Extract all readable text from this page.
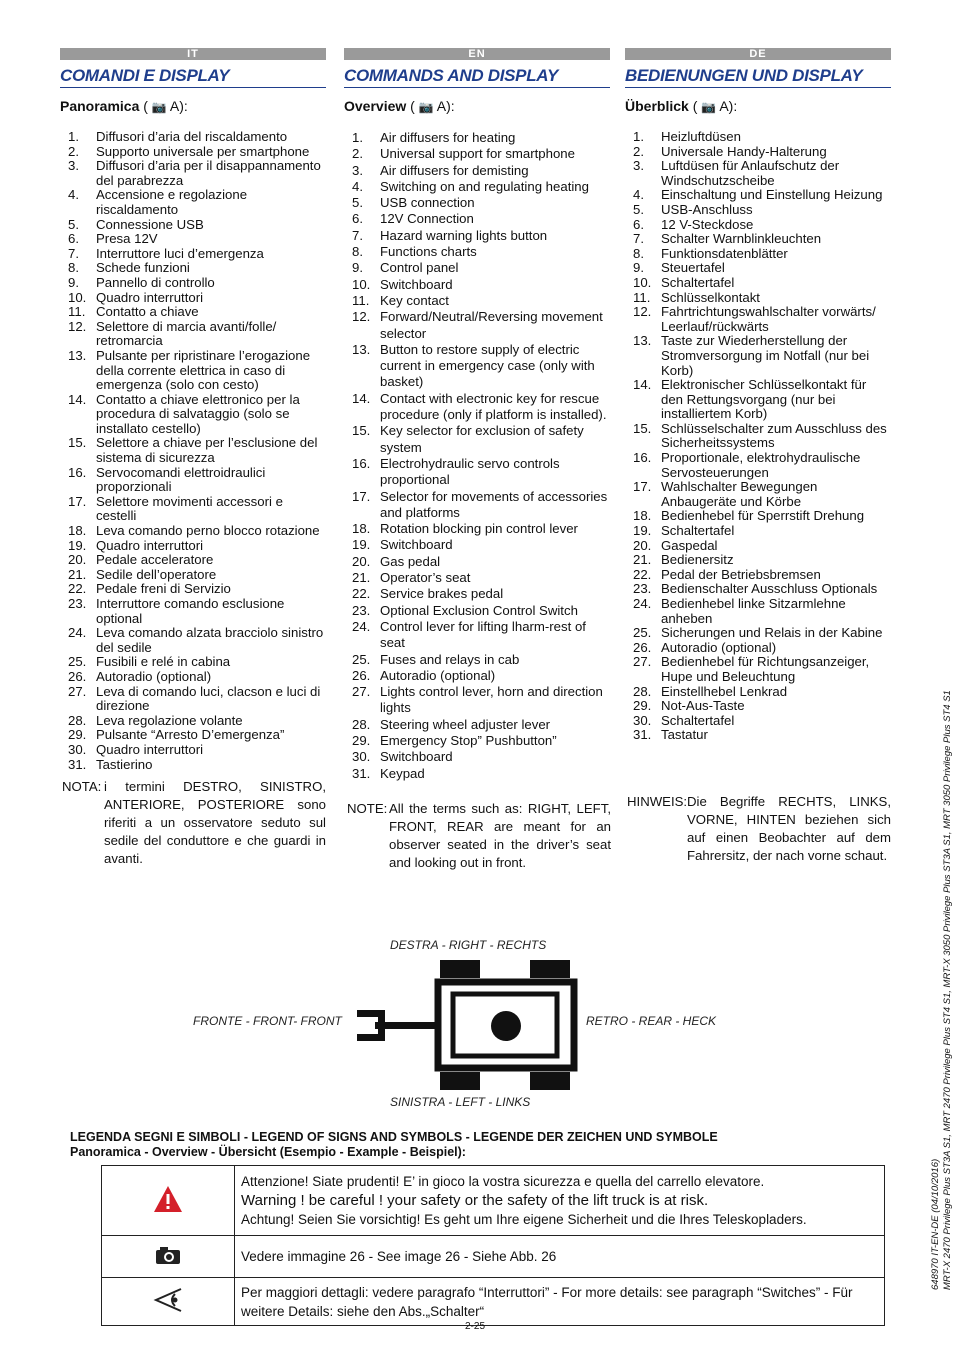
IT
COMANDI E DISPLAY
Panoramica ( 📷 A):
1.	Diffusori d’aria del riscaldamento
2.	Supporto universale per smartphone
3.	Diffusori d’aria per il disappannamento del parabrezza
4.	Accensione e regolazione riscaldamento
5.	Connessione USB
6.	Presa 12V
7.	Interruttore luci d’emergenza
8.	Schede funzioni
9.	Pannello di controllo
10. Quadro interruttori
11. Contatto a chiave
12. Selettore di marcia avanti/folle/ retromarcia
13. Pulsante per ripristinare l’erogazione della corrente elettrica in caso di emergenza (solo con cesto)
14. Contatto a chiave elettronico per la procedura di salvataggio (solo se installato cestello)
15. Selettore a chiave per l’esclusione del sistema di sicurezza
16. Servocomandi elettroidraulici proporzionali
17. Selettore movimenti accessori e cestelli
18. Leva comando perno blocco rotazione
19. Quadro interruttori
20. Pedale acceleratore
21. Sedile dell’operatore
22. Pedale freni di Servizio
23. Interruttore comando esclusione optional
24. Leva comando alzata bracciolo sinistro del sedile
25. Fusibili e relé in cabina
26. Autoradio (optional)
27. Leva di comando luci, clacson e luci di direzione
28. Leva regolazione volante
29. Pulsante “Arresto D’emergenza”
30. Quadro interruttori
31. Tastierino
EN
COMMANDS AND DISPLAY
Overview ( 📷 A):
1.	Air diffusers for heating
2.	Universal support for smartphone
3.	Air diffusers for demisting
4.	Switching on and regulating heating
5.	USB connection
6.	12V Connection
7.	Hazard warning lights button
8.	Functions charts
9.	Control panel
10. Switchboard
11. Key contact
12. Forward/Neutral/Reversing movement selector
13. Button to restore supply of electric current in emergency case (only with basket)
14. Contact with electronic key for rescue procedure (only if platform is installed).
15. Key selector for exclusion of safety system
16. Electrohydraulic servo controls proportional
17. Selector for movements of accessories and platforms
18. Rotation blocking pin control lever
19. Switchboard
20. Gas pedal
21. Operator’s seat
22. Service brakes pedal
23. Optional Exclusion Control Switch
24. Control lever for lifting lharm-rest of seat
25. Fuses and relays in cab
26. Autoradio (optional)
27. Lights control lever, horn and direction lights
28. Steering wheel adjuster lever
29. Emergency Stop” Pushbutton”
30. Switchboard
31. Keypad
DE
BEDIENUNGEN UND DISPLAY
Überblick ( 📷 A):
1.	Heizluftdüsen
2.	Universale Handy-Halterung
3.	Luftdüsen für Anlaufschutz der Windschutzscheibe
4.	Einschaltung und Einstellung Heizung
5.	USB-Anschluss
6.	12 V-Steckdose
7.	Schalter Warnblinkleuchten
8.	Funktionsdatenblätter
9.	Steuertafel
10. Schaltertafel
11. Schlüsselkontakt
12. Fahrtrichtungswahlschalter vorwärts/ Leerlauf/rückwärts
13. Taste zur Wiederherstellung der Stromversorgung im Notfall (nur bei Korb)
14. Elektronischer Schlüsselkontakt für den Rettungsvorgang (nur bei installiertem Korb)
15. Schlüsselschalter zum Ausschluss des Sicherheitssystems
16. Proportionale, elektrohydraulische Servosteuerungen
17. Wahlschalter Bewegungen Anbaugeräte und Körbe
18. Bedienhebel für Sperrstift Drehung
19. Schaltertafel
20. Gaspedal
21. Bedienersitz
22. Pedal der Betriebsbremsen
23. Bedienschalter Ausschluss Optionals
24. Bedienhebel linke Sitzarmlehne anheben
25. Sicherungen und Relais in der Kabine
26. Autoradio (optional)
27. Bedienhebel für Richtungsanzeiger, Hupe und Beleuchtung
28. Einstellhebel Lenkrad
29. Not-Aus-Taste
30. Schaltertafel
31. Tastatur
NOTA: i termini DESTRO, SINISTRO, ANTERIORE, POSTERIORE sono riferiti a un osservatore seduto sul sedile del conduttore e che guardi in avanti.
NOTE: All the terms such as: RIGHT, LEFT, FRONT, REAR are meant for an observer seated in the driver’s seat and looking out in front.
HINWEIS: Die Begriffe RECHTS, LINKS, VORNE, HINTEN beziehen sich auf einen Beobachter auf dem Fahrersitz, der nach vorne schaut.
DESTRA - RIGHT - RECHTS
SINISTRA - LEFT - LINKS
FRONTE - FRONT- FRONT	RETRO - REAR - HECK
LEGENDA SEGNI E SIMBOLI - LEGEND OF SIGNS AND SYMBOLS - LEGENDE DER ZEICHEN UND SYMBOLE
Panoramica - Overview - Übersicht (Esempio - Example - Beispiel):

Attenzione! Siate prudenti! E’ in gioco la vostra sicurezza e quella del carrello elevatore.
Warning ! be careful ! your safety or the safety of the lift truck is at risk.
Achtung! Seien Sie vorsichtig! Es geht um Ihre eigene Sicherheit und die Ihres Teleskopladers.

	Vedere immagine 26 - See image 26 - Siehe Abb. 26

Per maggiori dettagli: vedere paragrafo “Interruttori” - For more details: see paragraph “Switches” - Für
weitere Details: siehe den Abs.„Schalter“
648970 IT-EN-DE (04/10/2016) MRT-X 2470 Privilege Plus ST3A S1, MRT 2470 Privilege Plus ST4 S1, MRT-X 3050 Privilege Plus ST3A S1, MRT 3050 Privilege Plus ST4 S1
2-25
